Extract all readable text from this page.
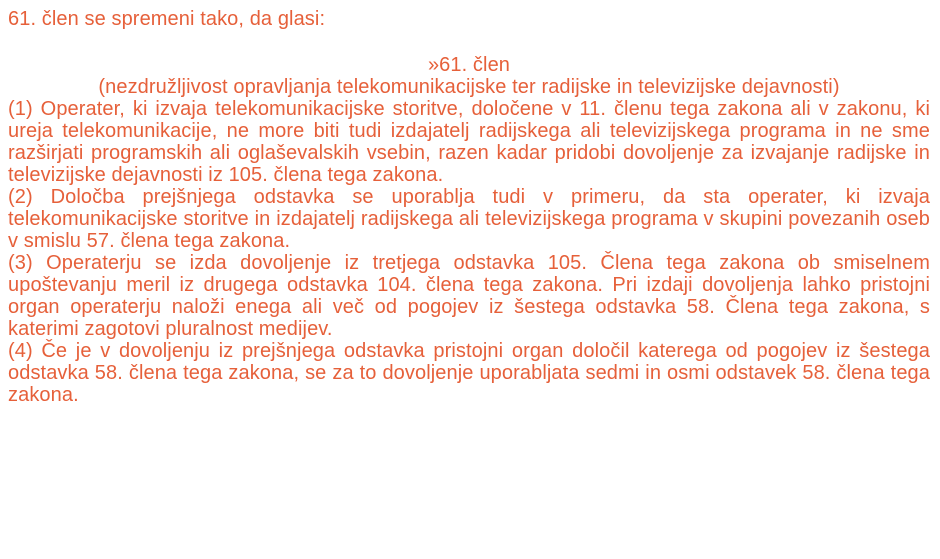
61. člen se spremeni tako, da glasi:

»61. člen

(nezdružljivost opravljanja telekomunikacijske ter radijske in televizijske dejavnosti)

(1) Operater, ki izvaja telekomunikacijske storitve, določene v 11. členu tega zakona ali v zakonu, ki ureja telekomunikacije, ne more biti tudi izdajatelj radijskega ali televizijskega programa in ne sme razširjati programskih ali oglaševalskih vsebin, razen kadar pridobi dovoljenje za izvajanje radijske in televizijske dejavnosti iz 105. člena tega zakona.

(2) Določba prejšnjega odstavka se uporablja tudi v primeru, da sta operater, ki izvaja telekomunikacijske storitve in izdajatelj radijskega ali televizijskega programa v skupini povezanih oseb v smislu 57. člena tega zakona.

(3) Operaterju se izda dovoljenje iz tretjega odstavka 105. Člena tega zakona ob smiselnem upoštevanju meril iz drugega odstavka 104. člena tega zakona. Pri izdaji dovoljenja lahko pristojni organ operaterju naloži enega ali več od pogojev iz šestega odstavka 58. Člena tega zakona, s katerimi zagotovi pluralnost medijev.

(4) Če je v dovoljenju iz prejšnjega odstavka pristojni organ določil katerega od pogojev iz šestega odstavka 58. člena tega zakona, se za to dovoljenje uporabljata sedmi in osmi odstavek 58. člena tega zakona.
